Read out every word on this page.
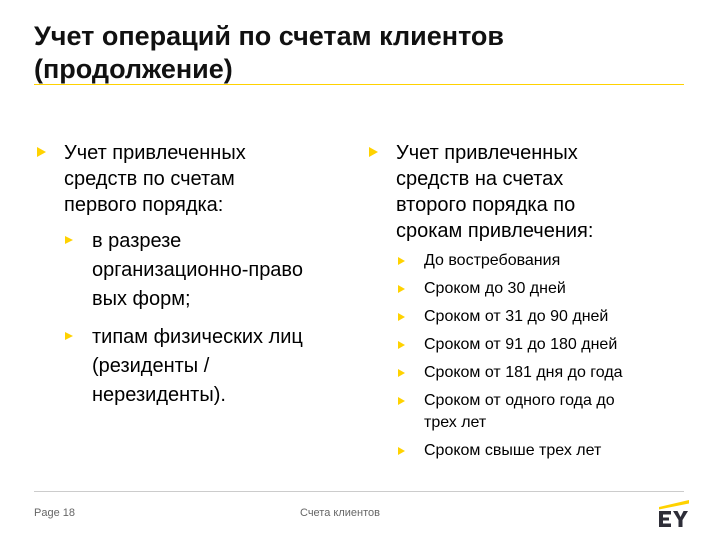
Учет операций по счетам клиентов
(продолжение)
Учет привлеченных
средств по счетам
первого порядка:
в разрезе
организационно-право
вых форм;
типам физических лиц
(резиденты /
нерезиденты).
Учет привлеченных
средств на счетах
второго порядка по
срокам привлечения:
До востребования
Сроком до 30 дней
Сроком от 31 до 90 дней
Сроком от 91 до 180 дней
Сроком от 181 дня до года
Сроком от одного года до
трех лет
Сроком свыше трех лет
Page 18	Счета клиентов
